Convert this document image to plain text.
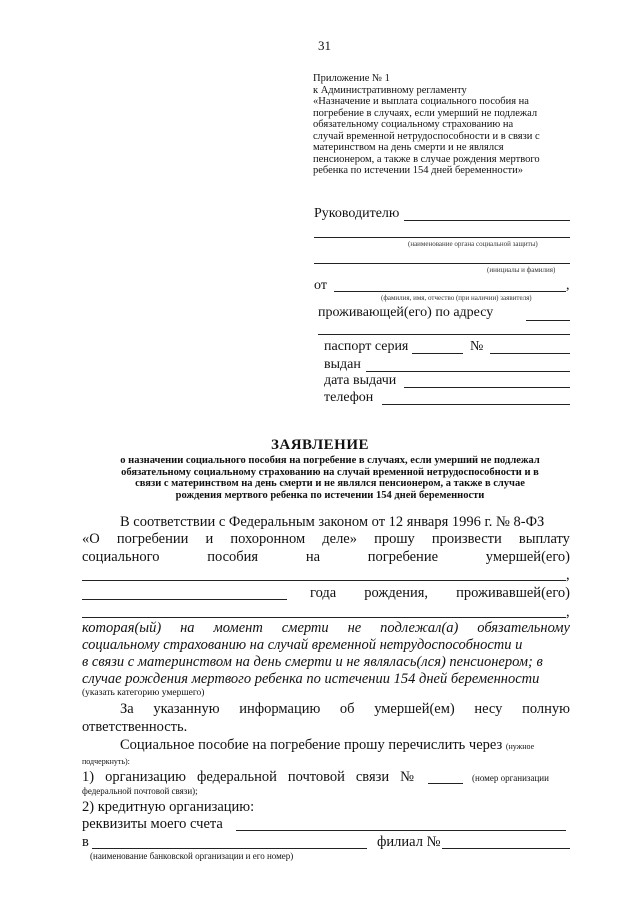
31
Приложение № 1
к Административному регламенту
«Назначение и выплата социального пособия на
погребение в случаях, если умерший не подлежал
обязательному социальному страхованию на
случай временной нетрудоспособности и в связи с
материнством на день смерти и не являлся
пенсионером, а также в случае рождения мертвого
ребенка по истечении 154 дней беременности»
Руководителю
(наименование органа социальной защиты)
(инициалы и фамилия)
от	,
(фамилия, имя, отчество (при наличии) заявителя)
проживающей(его) по адресу
паспорт серия	№
выдан
дата выдачи
телефон
ЗАЯВЛЕНИЕ
о назначении социального пособия на погребение в случаях, если умерший не подлежал
обязательному социальному страхованию на случай временной нетрудоспособности и в
связи с материнством на день смерти и не являлся пенсионером, а также в случае
рождения мертвого ребенка по истечении 154 дней беременности
В соответствии с Федеральным законом от 12 января 1996 г. № 8-ФЗ
«О погребении и похоронном деле» прошу произвести выплату
социального	пособия	на	погребение	умершей(его)
,
года рождения, проживавшей(его)
,
которая(ый) на момент смерти не подлежал(а) обязательному
социальному страхованию на случай временной нетрудоспособности и
в связи с материнством на день смерти и не являлась(лся) пенсионером; в
случае рождения мертвого ребенка по истечении 154 дней беременности
(указать категорию умершего)
За указанную информацию об умершей(ем) несу полную
ответственность.
Социальное пособие на погребение прошу перечислить через (нужное
подчеркнуть):
1) организацию федеральной почтовой связи №	(номер организации
федеральной почтовой связи);
2) кредитную организацию:
реквизиты моего счета
в	филиал №
(наименование банковской организации и его номер)
